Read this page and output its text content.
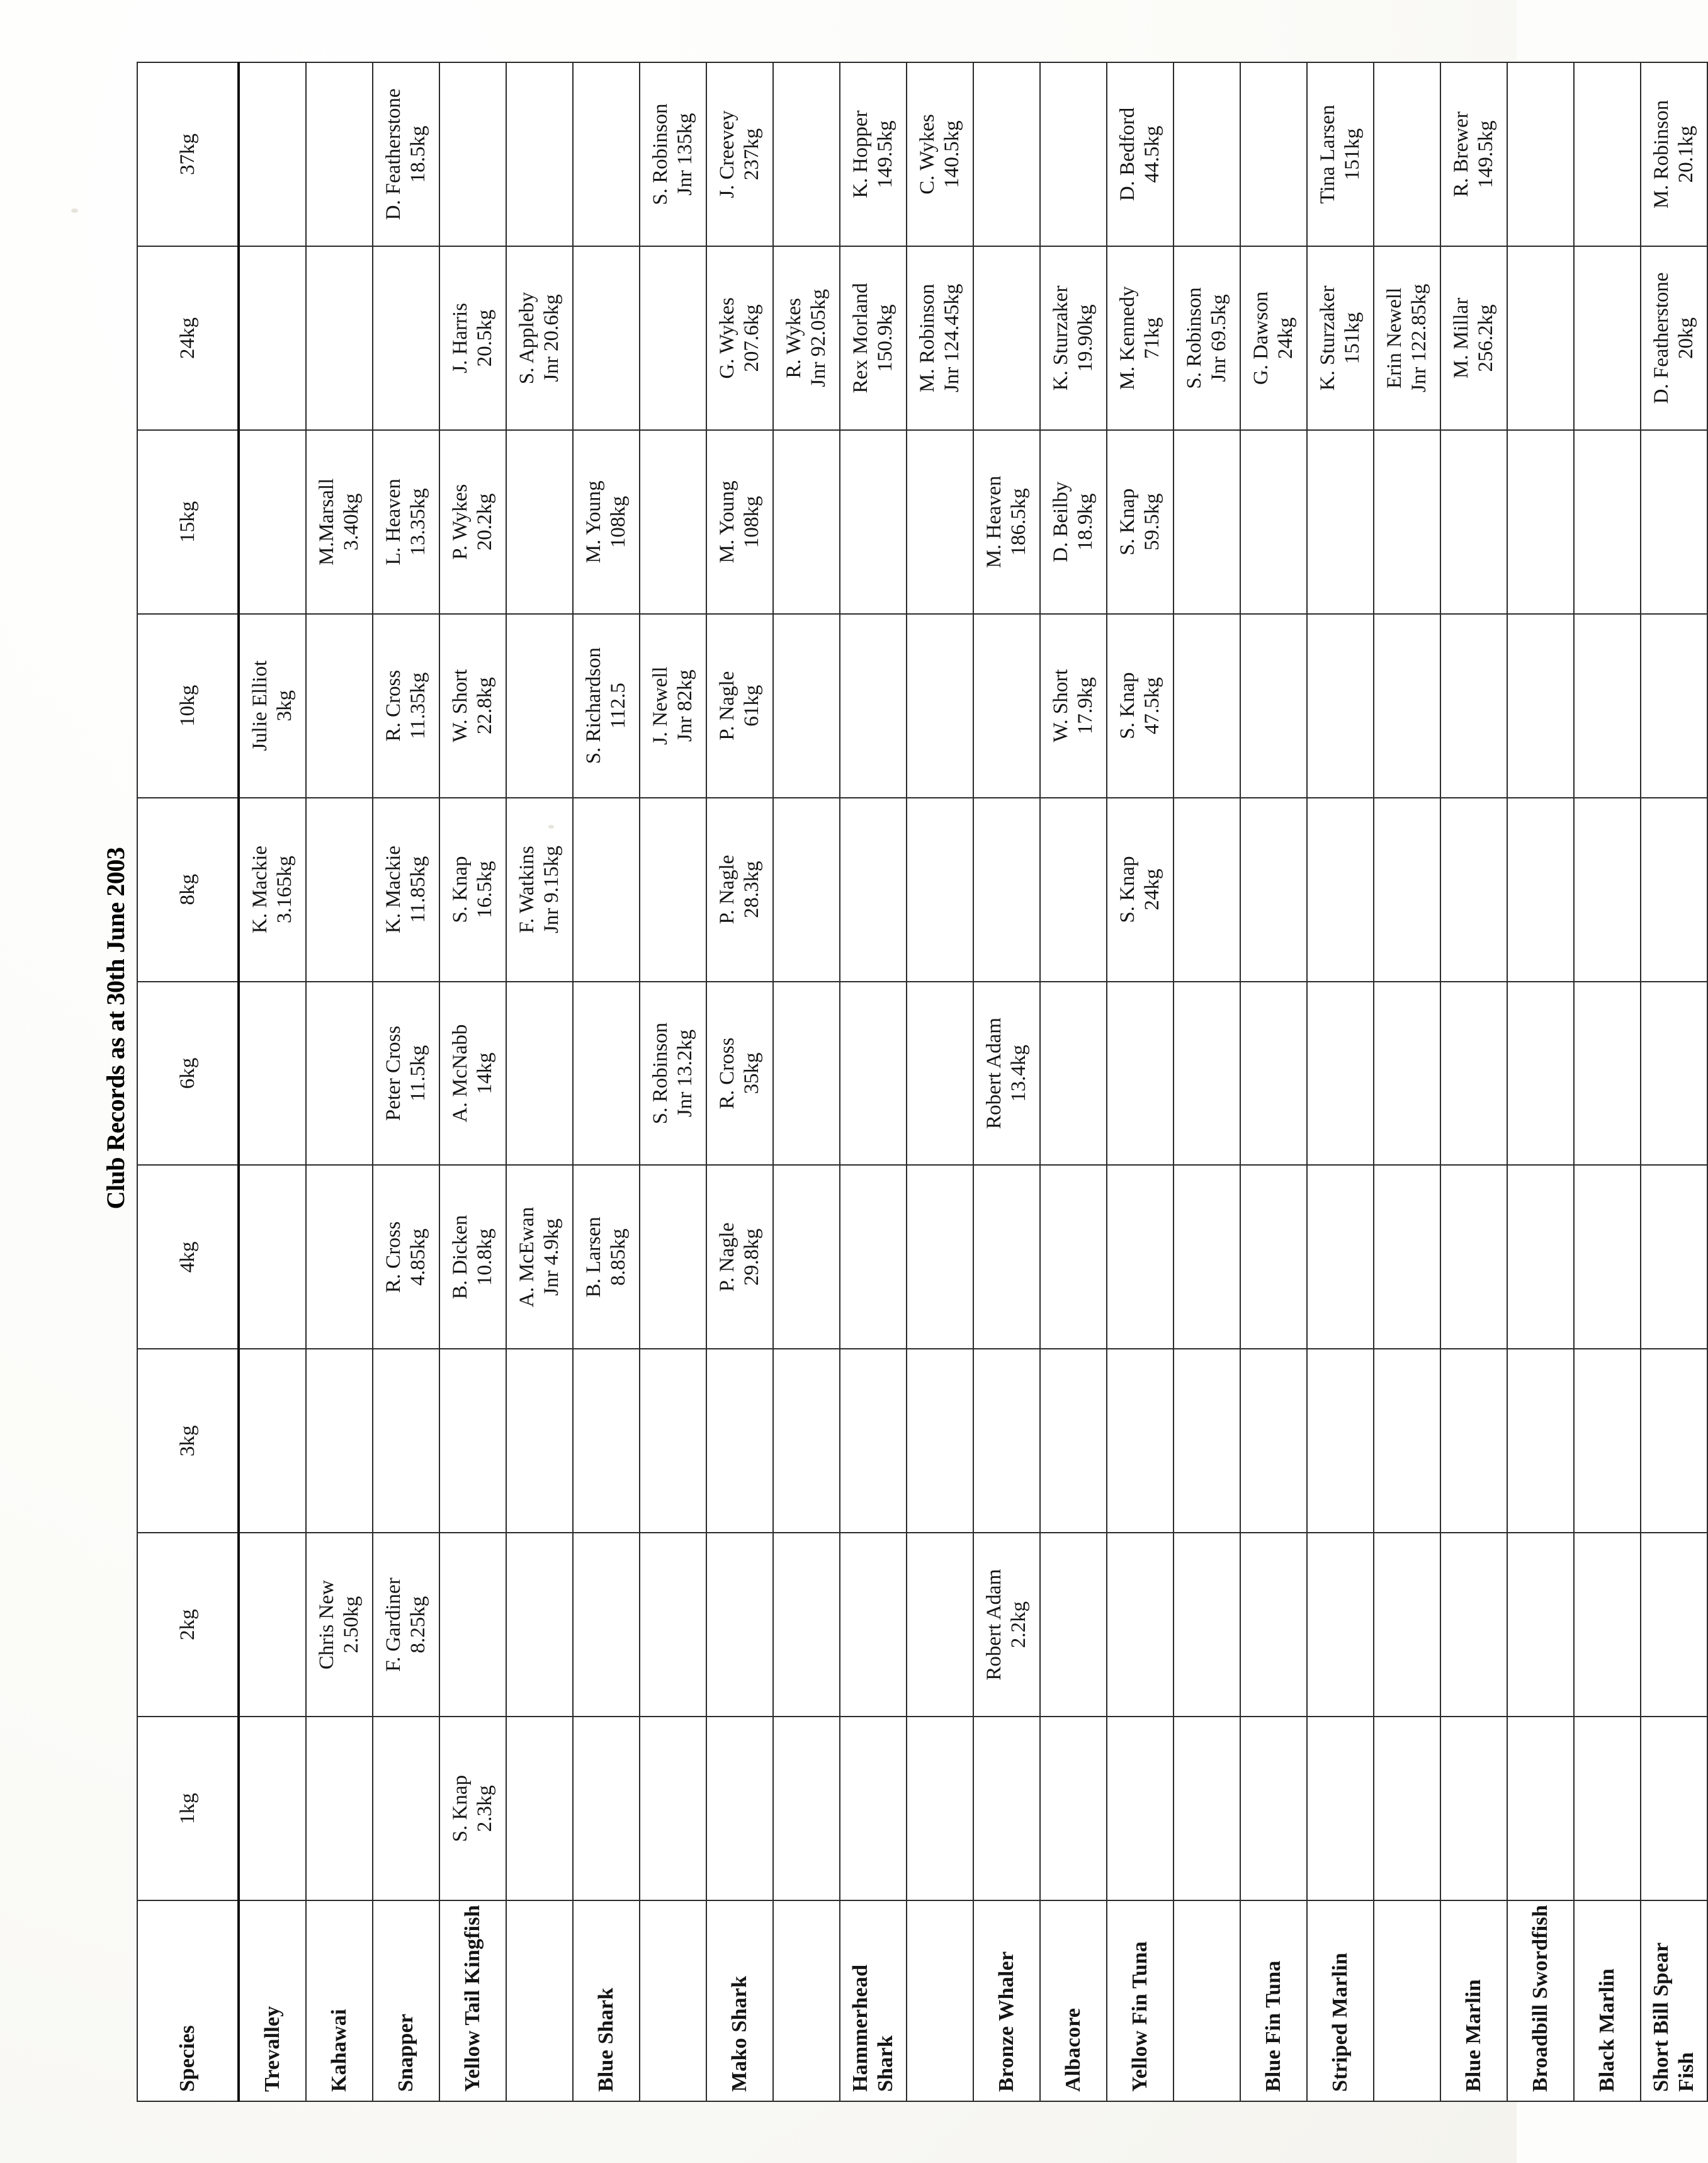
Club Records as at 30th June 2003
Species	1kg	2kg	3kg	4kg	6kg	8kg	10kg	15kg	24kg	37kg
Trevalley						K. Mackie 3.165kg	Julie Elliot 3kg			

Kahawai		Chris New 2.50kg						M.Marsall 3.40kg		

Snapper		F. Gardiner 8.25kg		R. Cross 4.85kg	Peter Cross 11.5kg	K. Mackie 11.85kg	R. Cross 11.35kg	L. Heaven 13.35kg		D. Featherstone 18.5kg

Yellow Tail Kingfish	S. Knap 2.3kg			B. Dicken 10.8kg	A. McNabb 14kg	S. Knap 16.5kg	W. Short 22.8kg	P. Wykes 20.2kg	J. Harris 20.5kg	

				A. McEwan Jnr 4.9kg		F. Watkins Jnr 9.15kg			S. Appleby Jnr 20.6kg	

Blue Shark				B. Larsen 8.85kg			S. Richardson 112.5	M. Young 108kg		

					S. Robinson Jnr 13.2kg		J. Newell Jnr 82kg			S. Robinson Jnr 135kg

Mako Shark				P. Nagle 29.8kg	R. Cross 35kg	P. Nagle 28.3kg	P. Nagle 61kg	M. Young 108kg	G. Wykes 207.6kg	J. Creevey 237kg

									R. Wykes Jnr 92.05kg	

Hammerhead Shark									Rex Morland 150.9kg	K. Hopper 149.5kg

									M. Robinson Jnr 124.45kg	C. Wykes 140.5kg

Bronze Whaler		Robert Adam 2.2kg			Robert Adam 13.4kg			M. Heaven 186.5kg		

Albacore							W. Short 17.9kg	D. Beilby 18.9kg	K. Sturzaker 19.90kg	

Yellow Fin Tuna						S. Knap 24kg	S. Knap 47.5kg	S. Knap 59.5kg	M. Kennedy 71kg	D. Bedford 44.5kg

									S. Robinson Jnr 69.5kg	

Blue Fin Tuna									G. Dawson 24kg	

Striped Marlin									K. Sturzaker 151kg	Tina Larsen 151kg

									Erin Newell Jnr 122.85kg	

Blue Marlin									M. Millar 256.2kg	R. Brewer 149.5kg

Broadbill Swordfish	

Black Marlin	

Short Bill Spear Fish									D. Featherstone 20kg	M. Robinson 20.1kg
